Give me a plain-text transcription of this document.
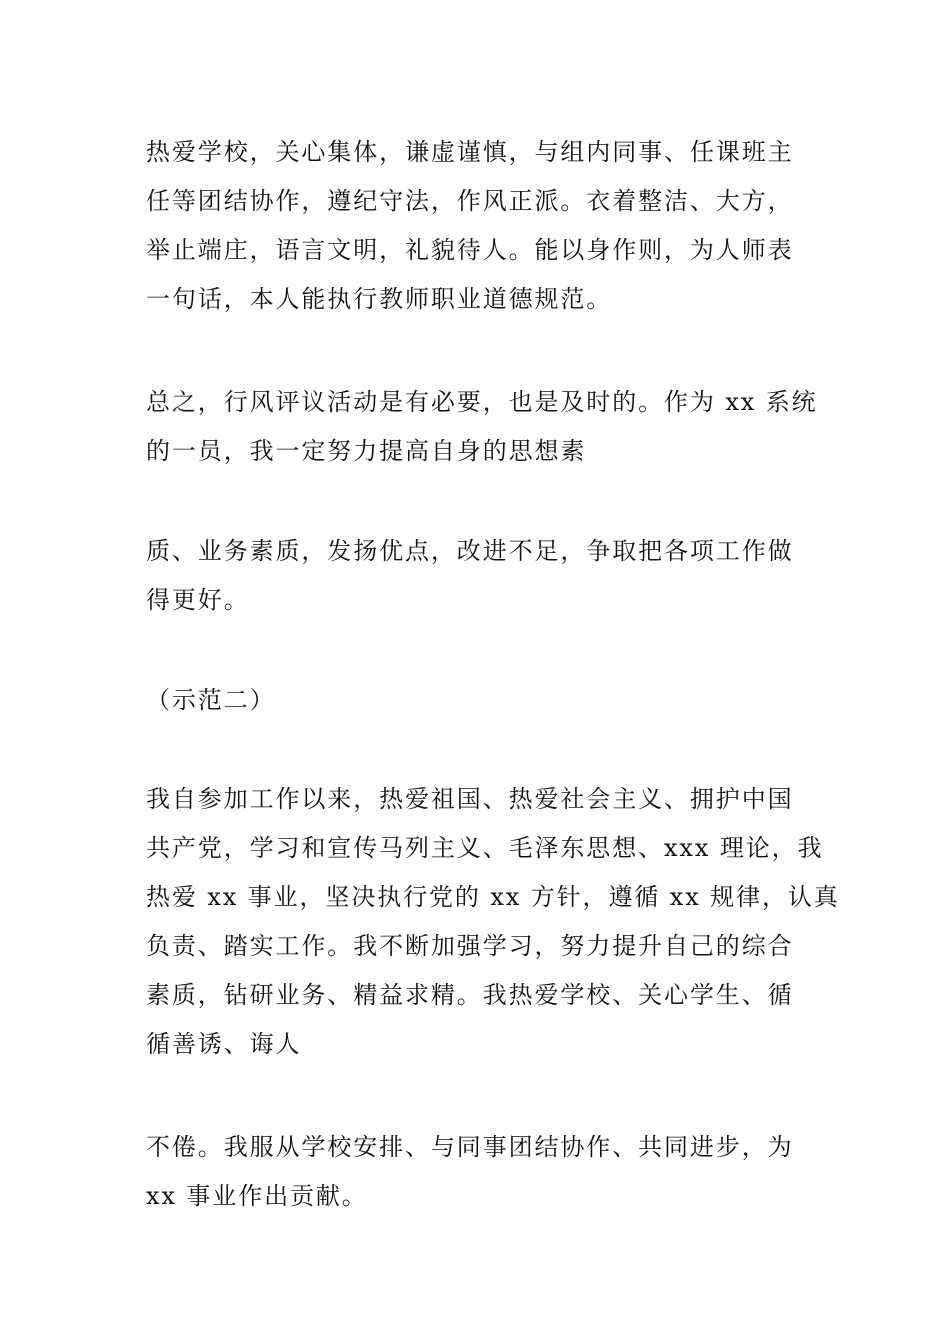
热爱学校，关心集体，谦虚谨慎，与组内同事、任课班主
任等团结协作，遵纪守法，作风正派。衣着整洁、大方，
举止端庄，语言文明，礼貌待人。能以身作则，为人师表
一句话，本人能执行教师职业道德规范。
总之，行风评议活动是有必要，也是及时的。作为 xx 系统
的一员，我一定努力提高自身的思想素
质、业务素质，发扬优点，改进不足，争取把各项工作做
得更好。
（示范二）
我自参加工作以来，热爱祖国、热爱社会主义、拥护中国
共产党，学习和宣传马列主义、毛泽东思想、xxx 理论，我
热爱 xx 事业，坚决执行党的 xx 方针，遵循 xx 规律，认真
负责、踏实工作。我不断加强学习，努力提升自己的综合
素质，钻研业务、精益求精。我热爱学校、关心学生、循
循善诱、诲人
不倦。我服从学校安排、与同事团结协作、共同进步，为
xx 事业作出贡献。
